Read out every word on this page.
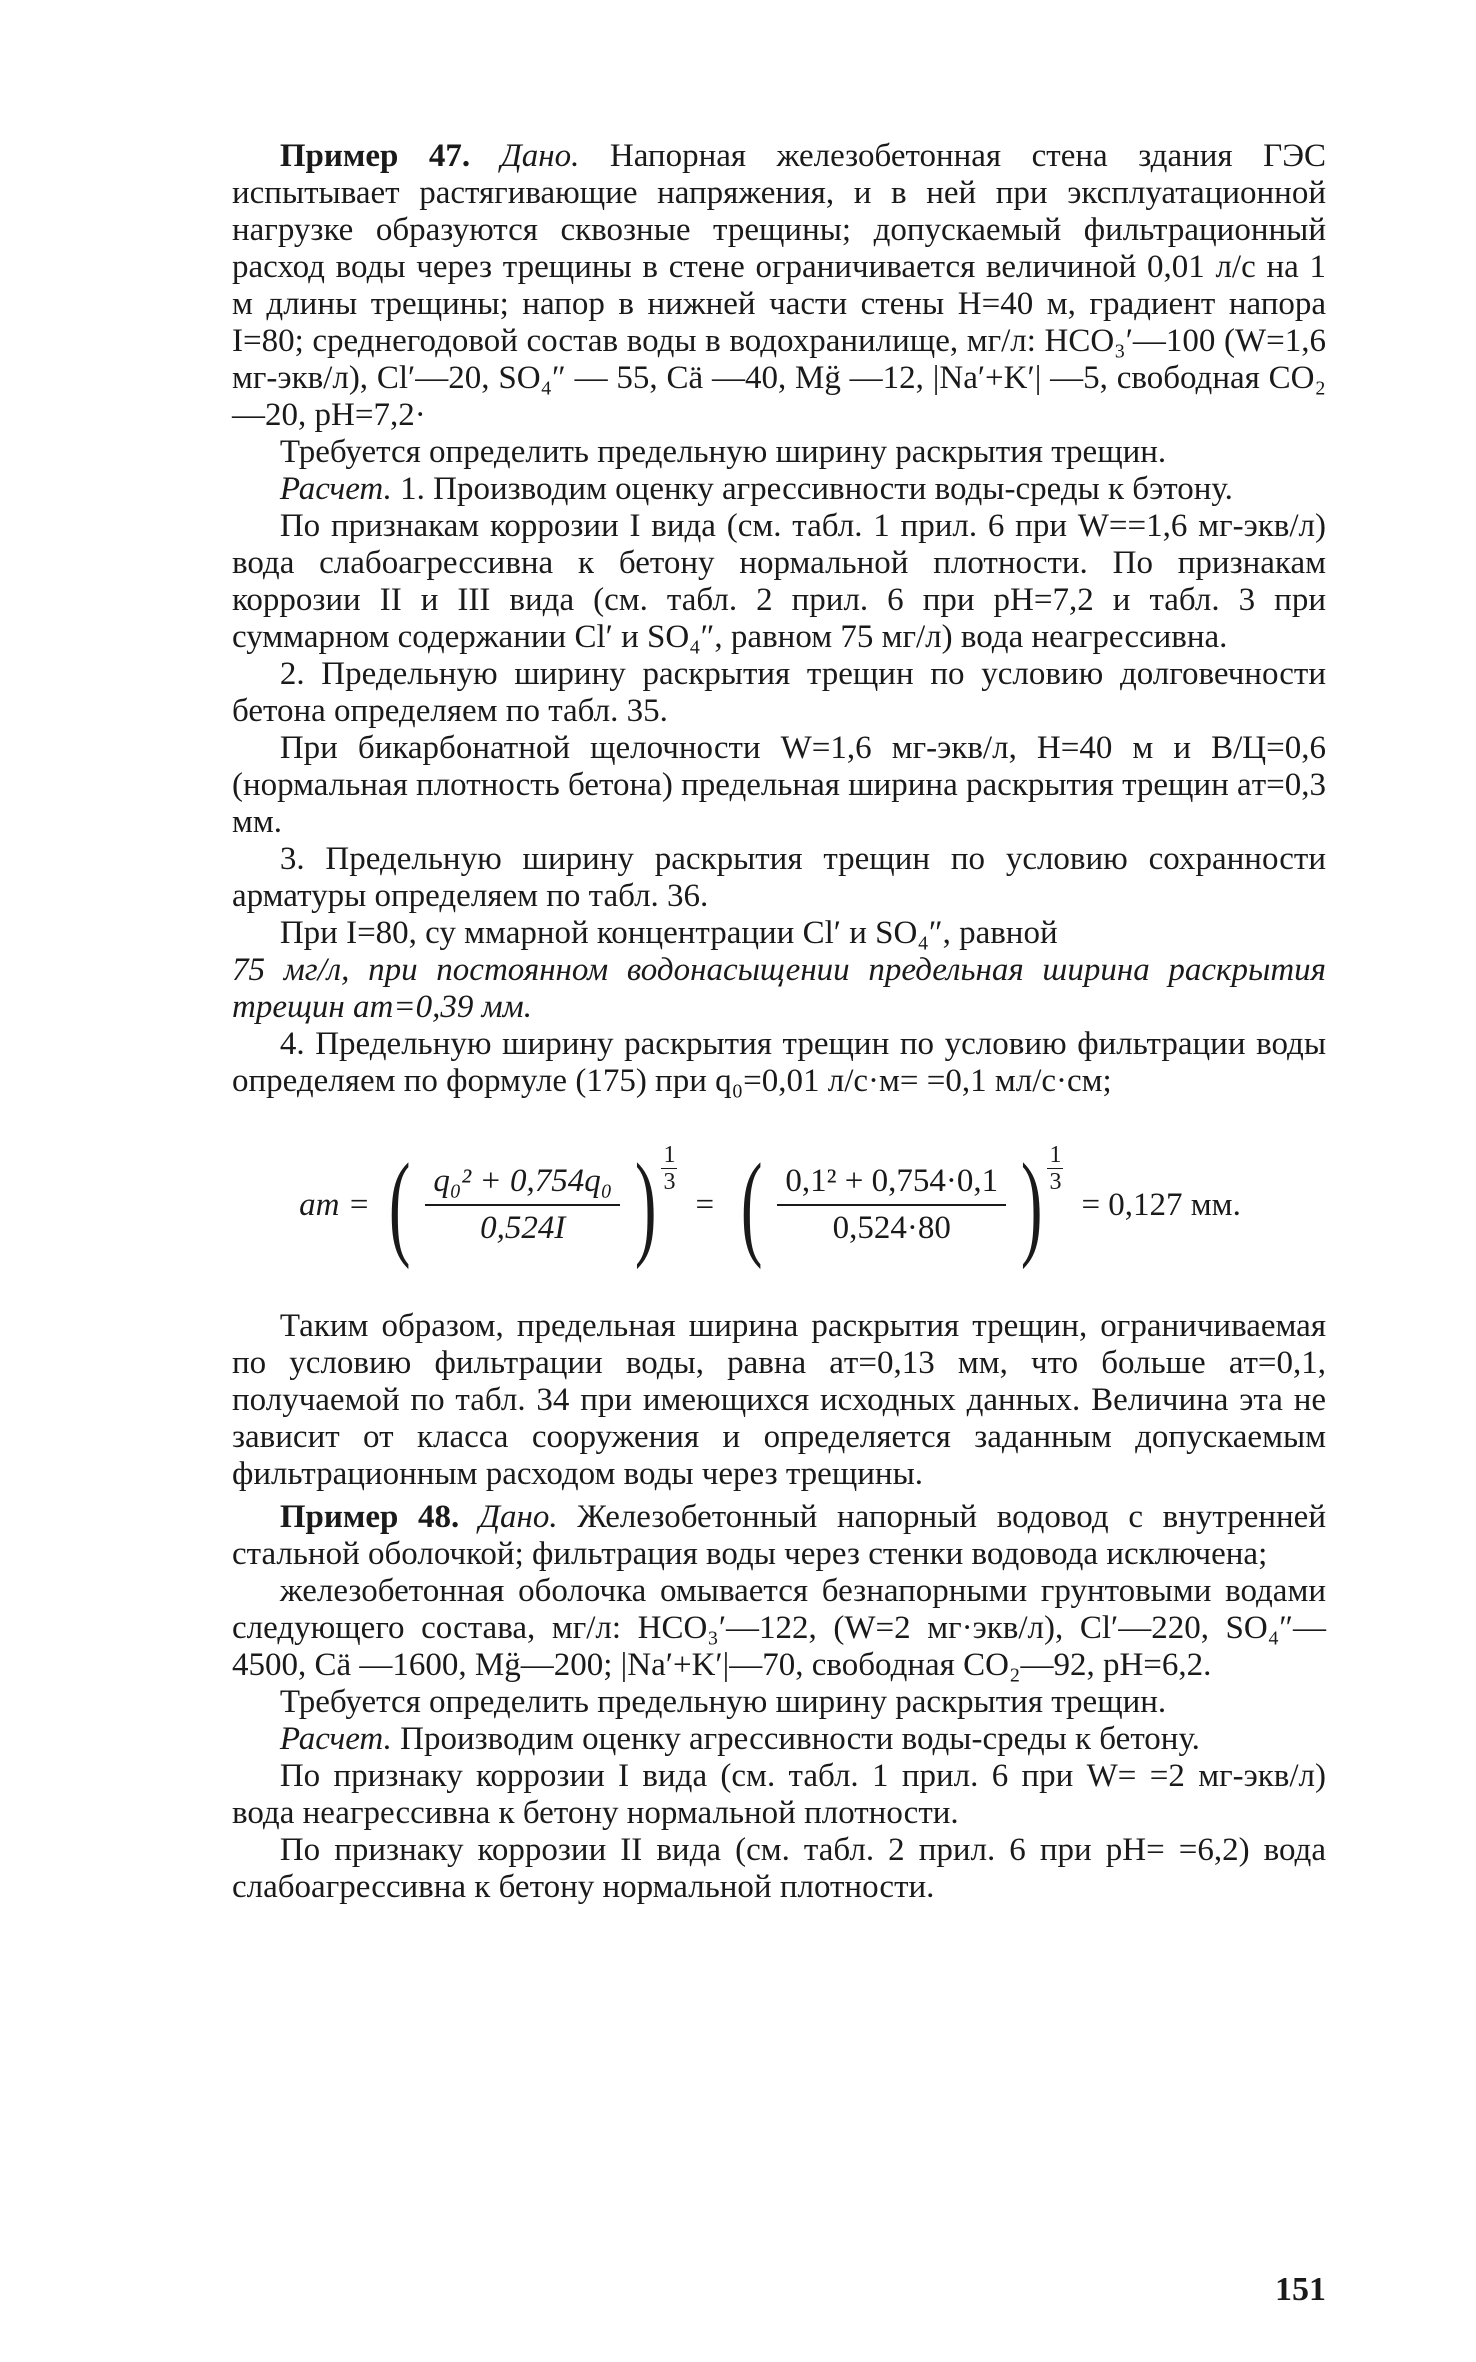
Пример 47. Дано. Напорная железобетонная стена здания ГЭС испытывает растягивающие напряжения, и в ней при эксплуатационной нагрузке образуются сквозные трещины; допускаемый фильтрационный расход воды через трещины в стене ограничивается величиной 0,01 л/с на 1 м длины трещины; напор в нижней части стены H=40 м, градиент напора I=80; среднегодовой состав воды в водохранилище, мг/л: HCO₃′—100 (W=1,6 мг-экв/л), Cl′—20, SO₄″ — 55, Cä —40, Mg̈ —12, |Na′+K′| —5, свободная CO₂—20, pH=7,2·

Требуется определить предельную ширину раскрытия трещин.

Расчет. 1. Производим оценку агрессивности воды-среды к бэтону.

По признакам коррозии I вида (см. табл. 1 прил. 6 при W==1,6 мг-экв/л) вода слабоагрессивна к бетону нормальной плотности. По признакам коррозии II и III вида (см. табл. 2 прил. 6 при pH=7,2 и табл. 3 при суммарном содержании Cl′ и SO₄″, равном 75 мг/л) вода неагрессивна.

2. Предельную ширину раскрытия трещин по условию долговечности бетона определяем по табл. 35.

При бикарбонатной щелочности W=1,6 мг-экв/л, H=40 м и В/Ц=0,6 (нормальная плотность бетона) предельная ширина раскрытия трещин aт=0,3 мм.

3. Предельную ширину раскрытия трещин по условию сохранности арматуры определяем по табл. 36.

При I=80, су ммарной концентрации Cl′ и SO₄″, равной

75 мг/л, при постоянном водонасыщении предельная ширина раскрытия трещин aт=0,39 мм.

4. Предельную ширину раскрытия трещин по условию фильтрации воды определяем по формуле (175) при q₀=0,01 л/с·м= =0,1 мл/с·см;

aт = ( $\frac{\text{q₀² + 0,754q₀}}{0,524I}$ ) 1
3
= ( $\frac{\text{0,1² + 0,754·0,1}}{0,524\cdot 80}$ ) 1
3
= 0,127 мм.

Таким образом, предельная ширина раскрытия трещин, ограничиваемая по условию фильтрации воды, равна aт=0,13 мм, что больше aт=0,1, получаемой по табл. 34 при имеющихся исходных данных. Величина эта не зависит от класса сооружения и определяется заданным допускаемым фильтрационным расходом воды через трещины.

Пример 48. Дано. Железобетонный напорный водовод с внутренней стальной оболочкой; фильтрация воды через стенки водовода исключена;

железобетонная оболочка омывается безнапорными грунтовыми водами следующего состава, мг/л: HCO₃′—122, (W=2 мг·экв/л), Cl′—220, SO₄″—4500, Cä —1600, Mg̈—200; |Na′+K′|—70, свободная CO₂—92, pH=6,2.

Требуется определить предельную ширину раскрытия трещин.

Расчет. Производим оценку агрессивности воды-среды к бетону.

По признаку коррозии I вида (см. табл. 1 прил. 6 при W= =2 мг-экв/л) вода неагрессивна к бетону нормальной плотности.

По признаку коррозии II вида (см. табл. 2 прил. 6 при pH= =6,2) вода слабоагрессивна к бетону нормальной плотности.

151
